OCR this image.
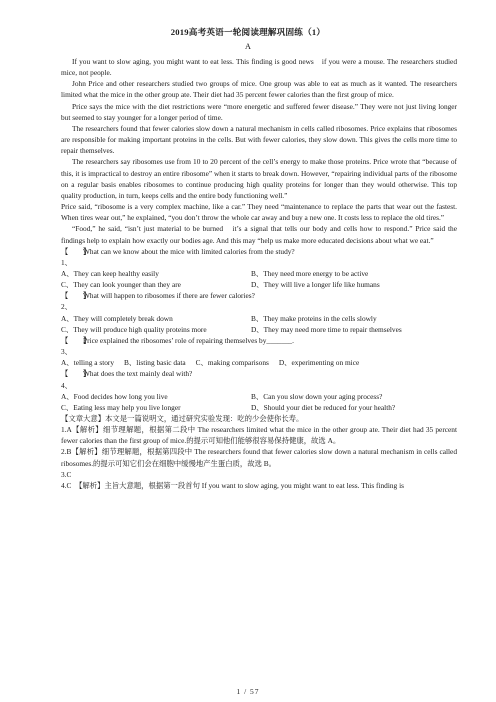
2019高考英语一轮阅读理解巩固练（1）
A

If you want to slow aging, you might want to eat less. This finding is good news　if you were a mouse. The researchers studied mice, not people.

John Price and other researchers studied two groups of mice. One group was able to eat as much as it wanted. The researchers limited what the mice in the other group ate. Their diet had 35 percent fewer calories than the first group of mice.

Price says the mice with the diet restrictions were “more energetic and suffered fewer disease.” They were not just living longer but seemed to stay younger for a longer period of time.

The researchers found that fewer calories slow down a natural mechanism in cells called ribosomes. Price explains that ribosomes are responsible for making important proteins in the cells. But with fewer calories, they slow down. This gives the cells more time to repair themselves.

The researchers say ribosomes use from 10 to 20 percent of the cell’s energy to make those proteins. Price wrote that “because of this, it is impractical to destroy an entire ribosome” when it starts to break down. However, “repairing individual parts of the ribosome on a regular basis enables ribosomes to continue producing high quality proteins for longer than they would otherwise. This top quality production, in turn, keeps cells and the entire body functioning well.”

Price said, “ribosome is a very complex machine, like a car.” They need “maintenance to replace the parts that wear out the fastest. When tires wear out,” he explained, “you don’t throw the whole car away and buy a new one. It costs less to replace the old tires.”

“Food,” he said, “isn’t just material to be burned　it’s a signal that tells our body and cells how to respond.” Price said the findings help to explain how exactly our bodies age. And this may “help us make more educated decisions about what we eat.”

【　　】1、
What can we know about the mice with limited calories from the study?

A、They can keep healthy easily	B、They need more energy to be active
C、They can look younger than they are	D、They will live a longer life like humans

【　　】2、
What will happen to ribosomes if there are fewer calories?

A、They will completely break down	B、They make proteins in the cells slowly
C、They will produce high quality proteins more	D、They may need more time to repair themselves

【　　】3、
Price explained the ribosomes’ role of repairing themselves by_______.

A、telling a story B、listing basic data C、making comparisons D、experimenting on mice

【　　】4、
What does the text mainly deal with?

A、Food decides how long you live	B、Can you slow down your aging process?
C、Eating less may help you live longer	D、Should your diet be reduced for your health?

【文章大意】本文是一篇说明文，通过研究实验发现：吃的少会使你长寿。

1.A【解析】细节理解题，根据第二段中 The researchers limited what the mice in the other group ate. Their diet had 35 percent fewer calories than the first group of mice.的提示可知他们能够很容易保持健康，故选 A。

2.B【解析】细节理解题，根据第四段中 The researchers found that fewer calories slow down a natural mechanism in cells called ribosomes.的提示可知它们会在细胞中缓慢地产生蛋白质，故选 B。

3.C

4.C　【解析】主旨大意题，根据第一段首句 If you want to slow aging, you might want to eat less. This finding is

1 / 57
